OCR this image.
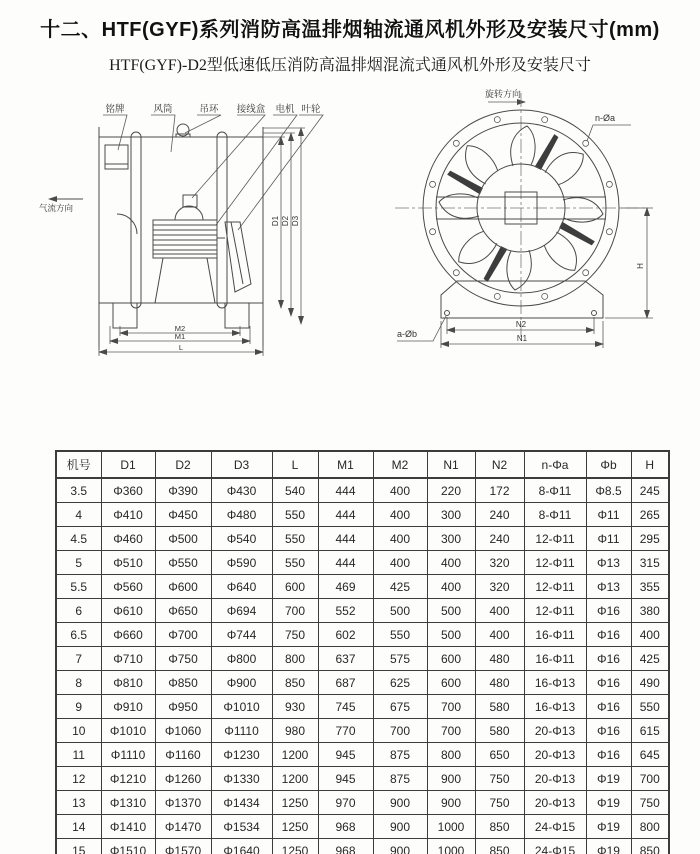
十二、HTF(GYF)系列消防高温排烟轴流通风机外形及安装尺寸(mm)
HTF(GYF)-D2型低速低压消防高温排烟混流式通风机外形及安装尺寸
铭牌	风筒	吊环 接线盒 电机 叶轮
气流方向
D1 D2 D3
M2
M1
L
旋转方向
n-Øa
a-Øb
N2
N1
H
机号	D1	D2	D3	L	M1	M2	N1	N2	n-Φa	Φb	H
3.5	Φ360	Φ390	Φ430	540	444	400	220	172	8-Φ11	Φ8.5	245
4	Φ410	Φ450	Φ480	550	444	400	300	240	8-Φ11	Φ11	265
4.5	Φ460	Φ500	Φ540	550	444	400	300	240	12-Φ11	Φ11	295
5	Φ510	Φ550	Φ590	550	444	400	400	320	12-Φ11	Φ13	315
5.5	Φ560	Φ600	Φ640	600	469	425	400	320	12-Φ11	Φ13	355
6	Φ610	Φ650	Φ694	700	552	500	500	400	12-Φ11	Φ16	380
6.5	Φ660	Φ700	Φ744	750	602	550	500	400	16-Φ11	Φ16	400
7	Φ710	Φ750	Φ800	800	637	575	600	480	16-Φ11	Φ16	425
8	Φ810	Φ850	Φ900	850	687	625	600	480	16-Φ13	Φ16	490
9	Φ910	Φ950	Φ1010	930	745	675	700	580	16-Φ13	Φ16	550
10	Φ1010	Φ1060	Φ1110	980	770	700	700	580	20-Φ13	Φ16	615
11	Φ1110	Φ1160	Φ1230	1200	945	875	800	650	20-Φ13	Φ16	645
12	Φ1210	Φ1260	Φ1330	1200	945	875	900	750	20-Φ13	Φ19	700
13	Φ1310	Φ1370	Φ1434	1250	970	900	900	750	20-Φ13	Φ19	750
14	Φ1410	Φ1470	Φ1534	1250	968	900	1000	850	24-Φ15	Φ19	800
15	Φ1510	Φ1570	Φ1640	1250	968	900	1000	850	24-Φ15	Φ19	850
